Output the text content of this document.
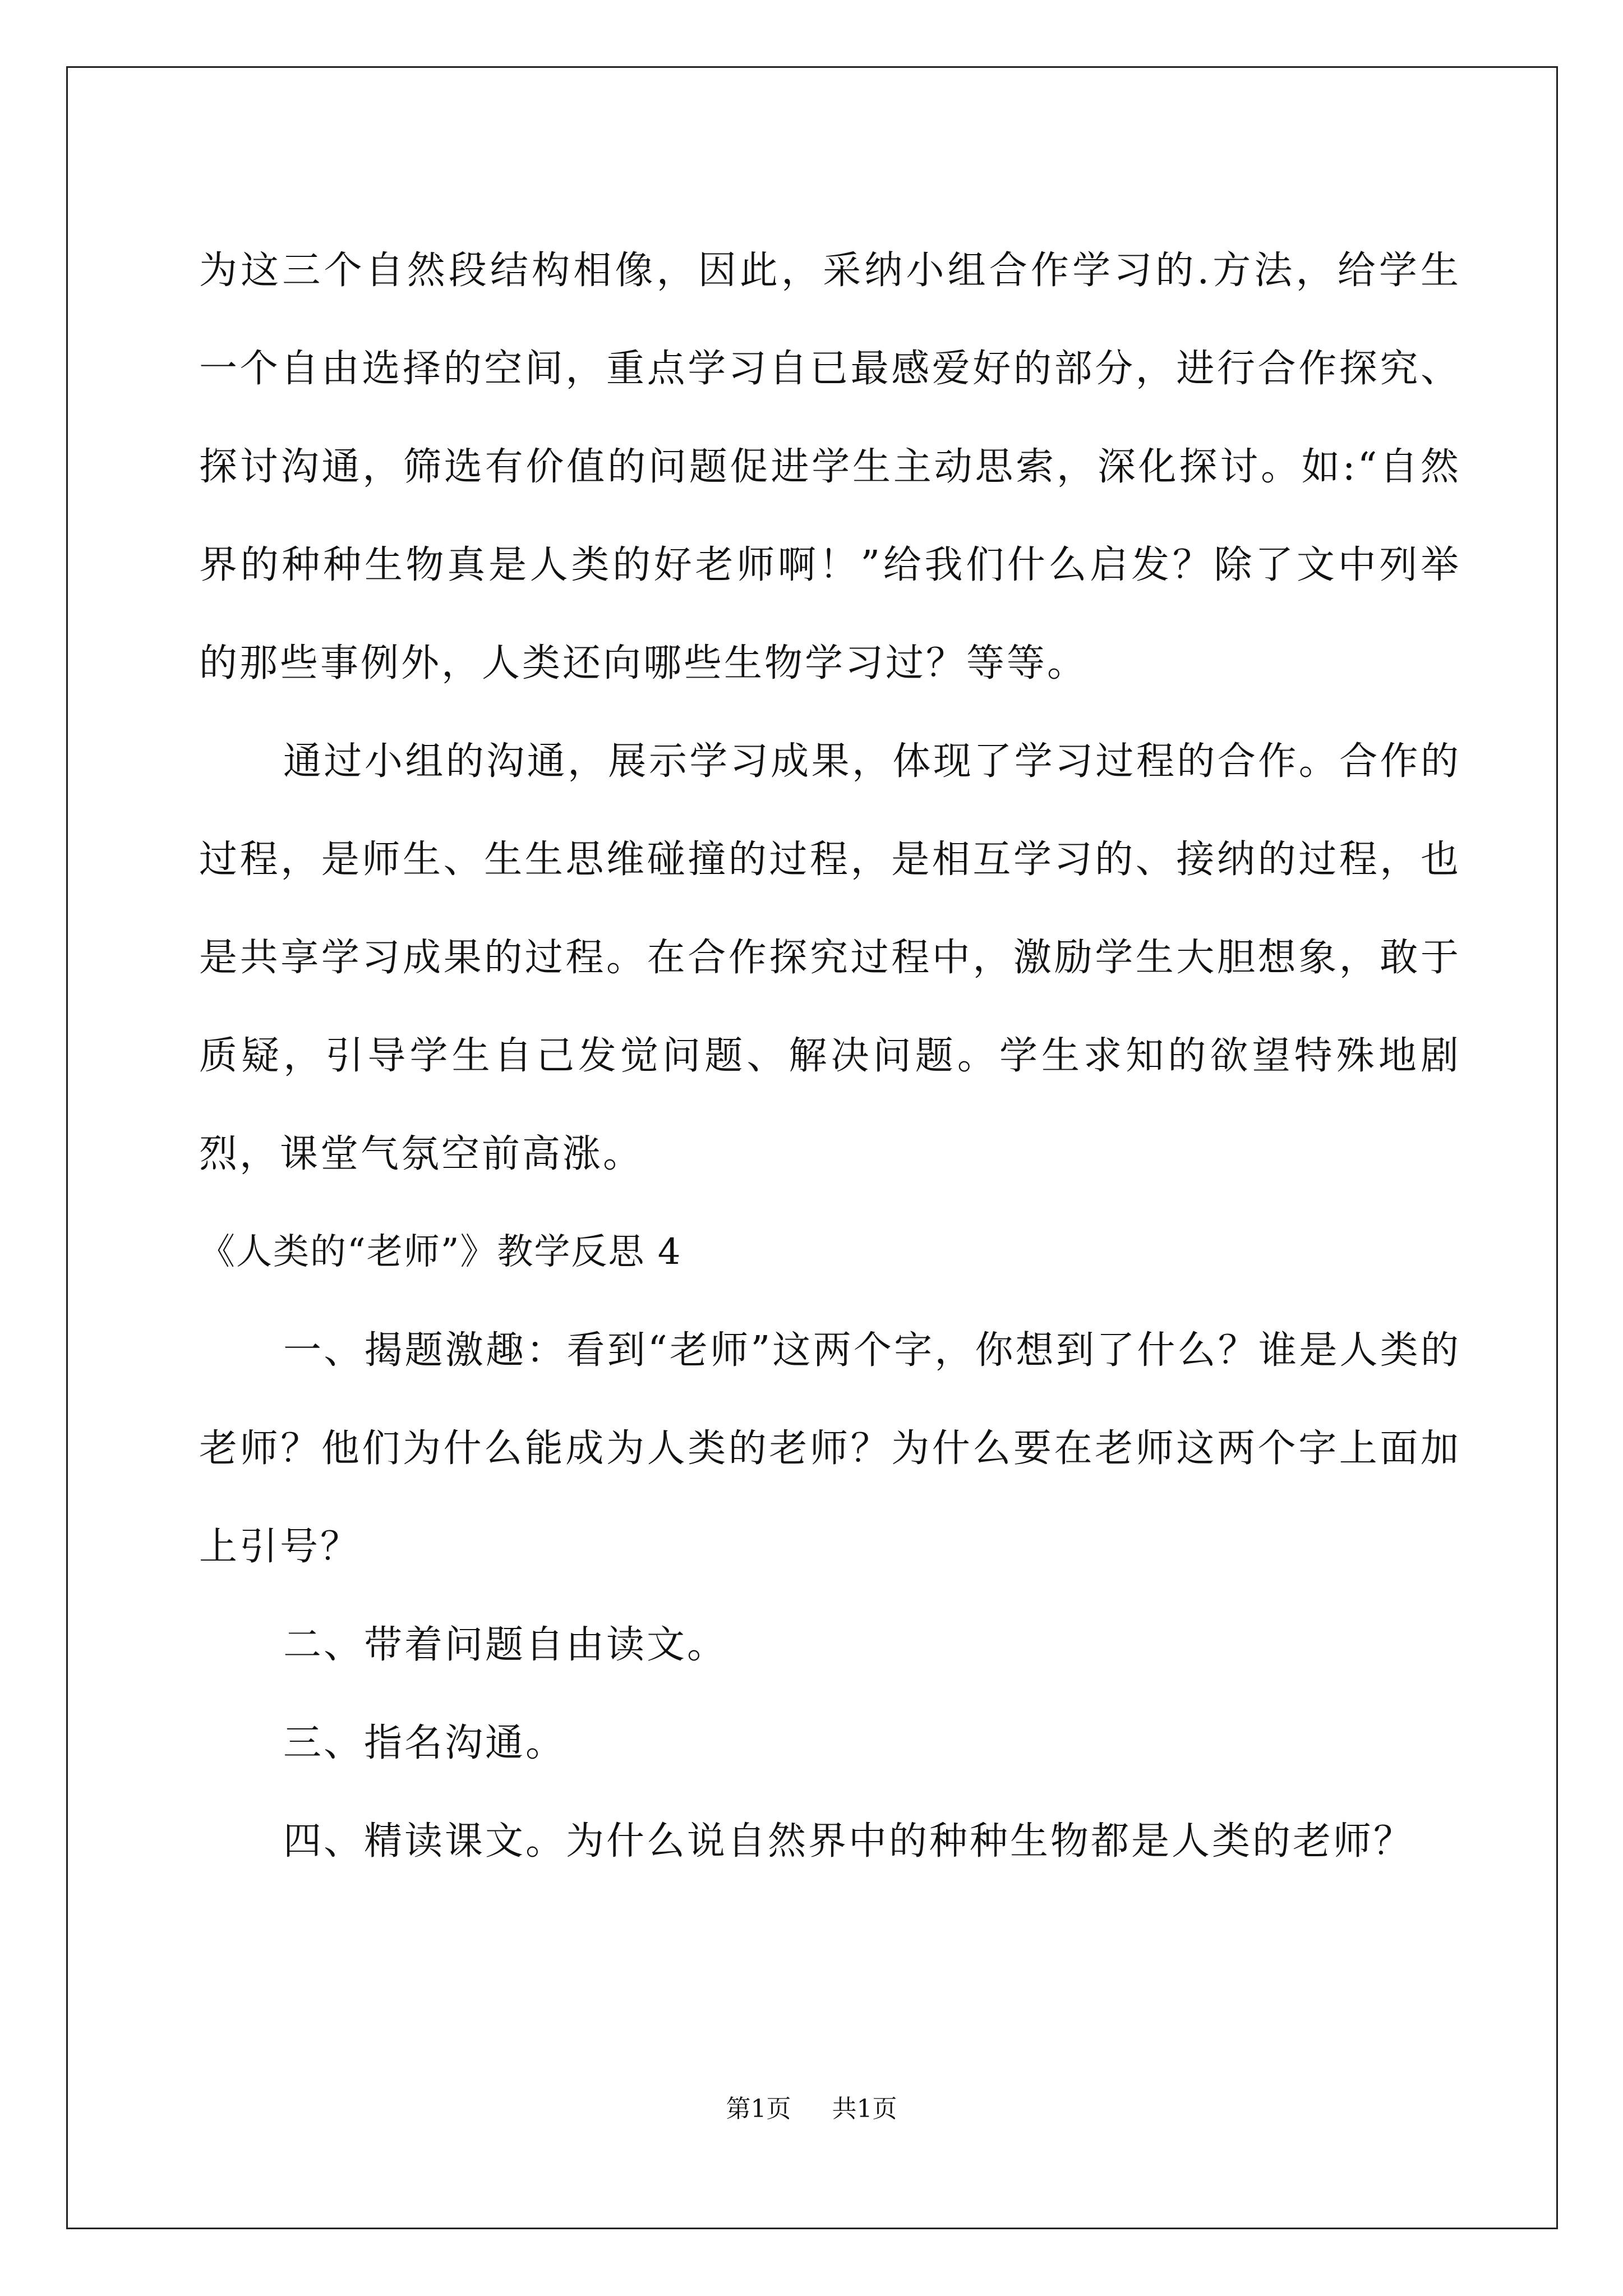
为这三个自然段结构相像，因此，采纳小组合作学习的.方法，给学生一个自由选择的空间，重点学习自已最感爱好的部分，进行合作探究、探讨沟通，筛选有价值的问题促进学生主动思索，深化探讨。如:“自然界的种种生物真是人类的好老师啊！”给我们什么启发？除了文中列举的那些事例外，人类还向哪些生物学习过？等等。

通过小组的沟通，展示学习成果，体现了学习过程的合作。合作的过程，是师生、生生思维碰撞的过程，是相互学习的、接纳的过程，也是共享学习成果的过程。在合作探究过程中，激励学生大胆想象，敢于质疑，引导学生自己发觉问题、解决问题。学生求知的欲望特殊地剧烈，课堂气氛空前高涨。

《人类的“老师”》教学反思 4

一、揭题激趣：看到“老师”这两个字，你想到了什么？谁是人类的老师？他们为什么能成为人类的老师？为什么要在老师这两个字上面加上引号？

二、带着问题自由读文。

三、指名沟通。

四、精读课文。为什么说自然界中的种种生物都是人类的老师？

第1页 共1页
